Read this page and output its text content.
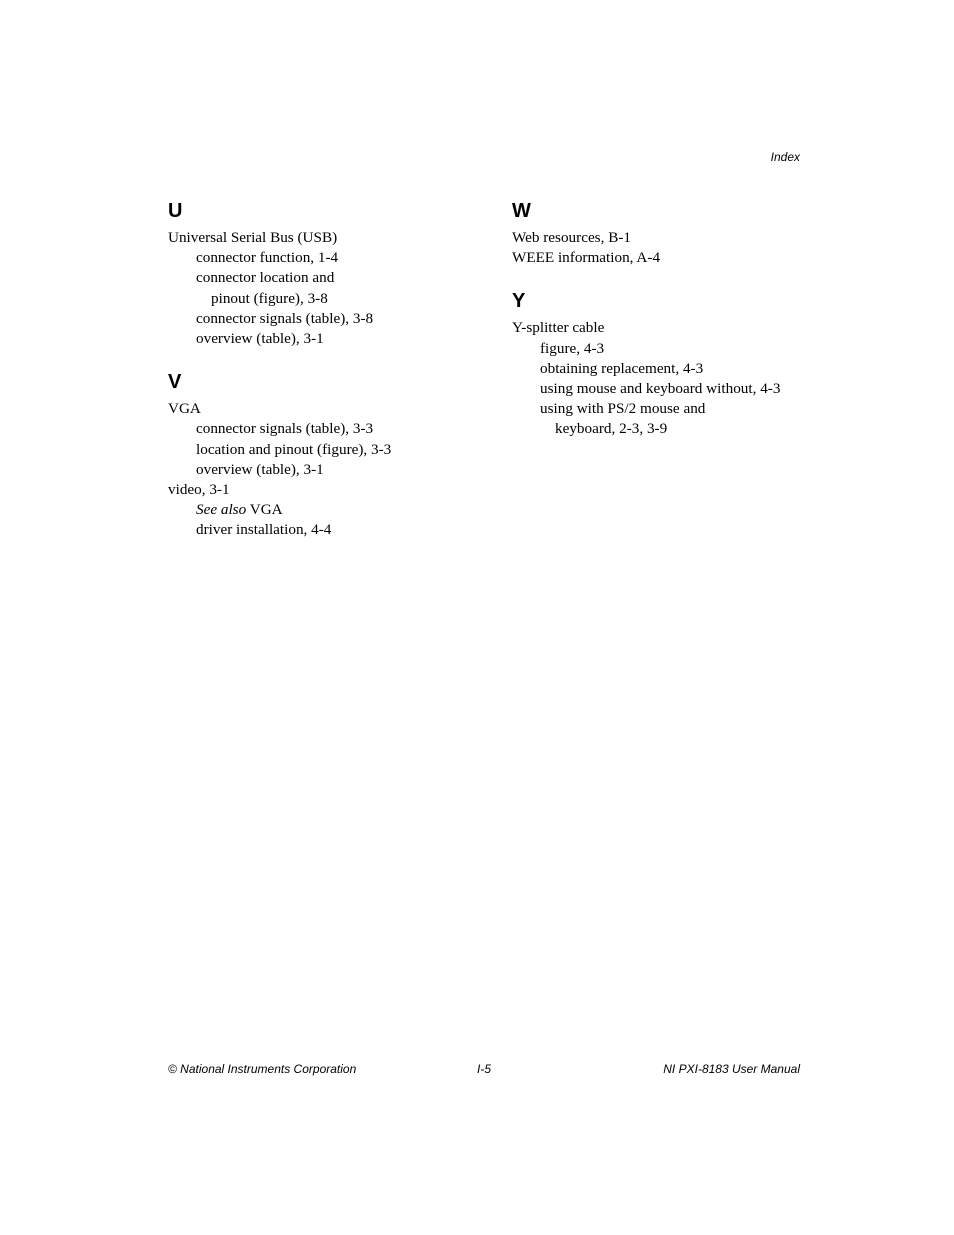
Index
U
Universal Serial Bus (USB)
connector function, 1-4
connector location and
pinout (figure), 3-8
connector signals (table), 3-8
overview (table), 3-1
V
VGA
connector signals (table), 3-3
location and pinout (figure), 3-3
overview (table), 3-1
video, 3-1
See also VGA
driver installation, 4-4
W
Web resources, B-1
WEEE information, A-4
Y
Y-splitter cable
figure, 4-3
obtaining replacement, 4-3
using mouse and keyboard without, 4-3
using with PS/2 mouse and
keyboard, 2-3, 3-9
© National Instruments Corporation	I-5	NI PXI-8183 User Manual
